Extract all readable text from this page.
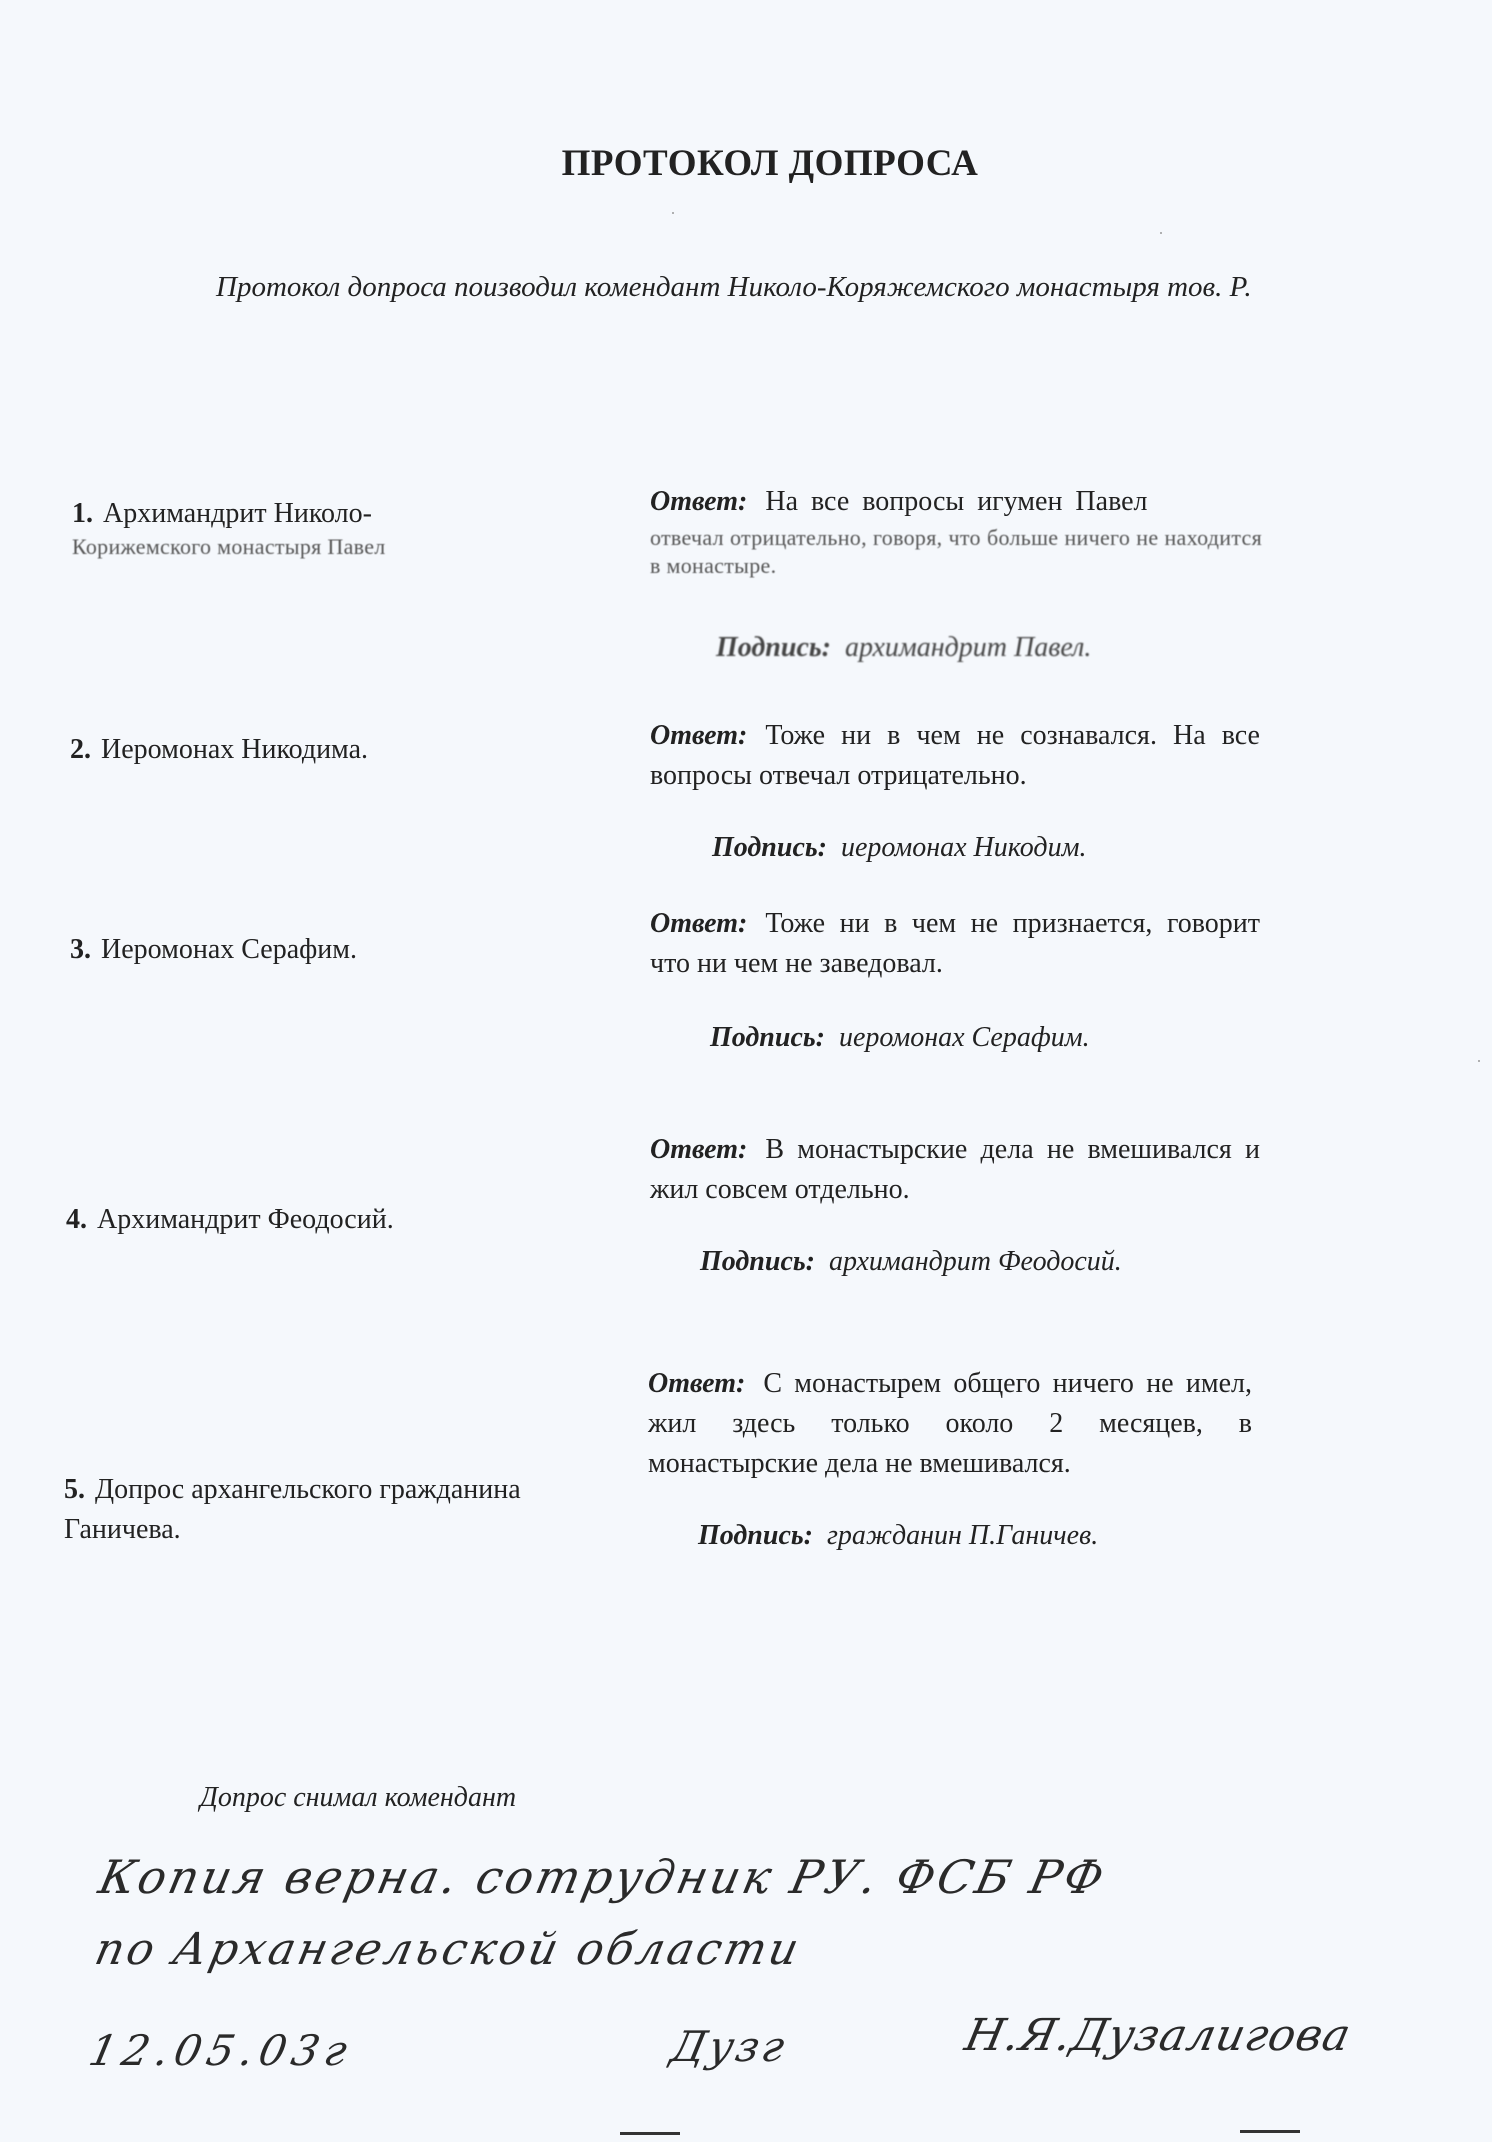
ПРОТОКОЛ ДОПРОСА
Протокол допроса поизводил комендант Николо-Коряжемского монастыря тов. Р.
1. Архимандрит Николо-
Корижемского монастыря Павел
Ответ: На все вопросы игумен Павел
отвечал отрицательно, говоря, что больше ничего не находится в монастыре.
Подпись: архимандрит Павел.
2. Иеромонах Никодима.	Ответ: Тоже ни в чем не сознавался. На все вопросы отвечал отрицательно.
Подпись: иеромонах Никодим.
3. Иеромонах Серафим.
Ответ: Тоже ни в чем не признается, говорит что ни чем не заведовал.
Подпись: иеромонах Серафим.
4. Архимандрит Феодосий.
Ответ: В монастырские дела не вмешивался и жил совсем отдельно.
Подпись: архимандрит Феодосий.
5. Допрос архангельского гражданина Ганичева.
Ответ: С монастырем общего ничего не имел, жил здесь только около 2 месяцев, в монастырские дела не вмешивался.
Подпись: гражданин П.Ганичев.
Допрос снимал комендант
Копия верна. сотрудник РУ. ФСБ РФ
по Архангельской области
12.05.03г	Дузг	Н.Я.Дузалигова
